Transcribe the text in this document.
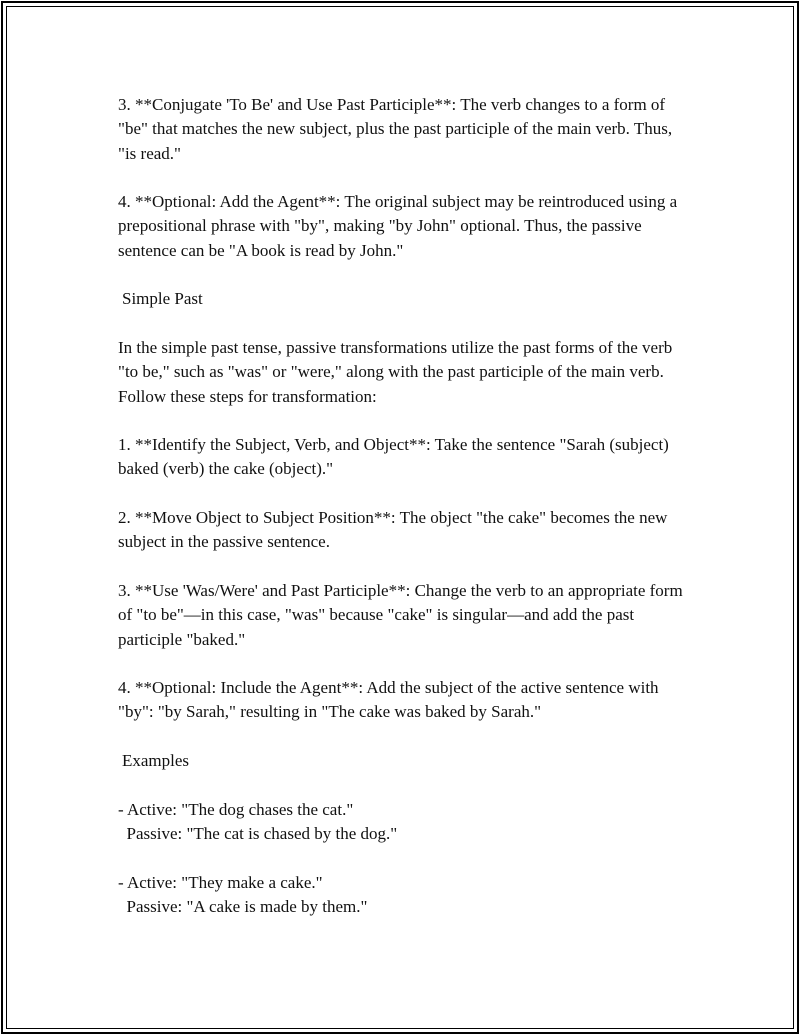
3. **Conjugate 'To Be' and Use Past Participle**: The verb changes to a form of "be" that matches the new subject, plus the past participle of the main verb. Thus, "is read."

4. **Optional: Add the Agent**: The original subject may be reintroduced using a prepositional phrase with "by", making "by John" optional. Thus, the passive sentence can be "A book is read by John."

Simple Past

In the simple past tense, passive transformations utilize the past forms of the verb "to be," such as "was" or "were," along with the past participle of the main verb. Follow these steps for transformation:

1. **Identify the Subject, Verb, and Object**: Take the sentence "Sarah (subject) baked (verb) the cake (object)."

2. **Move Object to Subject Position**: The object "the cake" becomes the new subject in the passive sentence.

3. **Use 'Was/Were' and Past Participle**: Change the verb to an appropriate form of "to be"—in this case, "was" because "cake" is singular—and add the past participle "baked."

4. **Optional: Include the Agent**: Add the subject of the active sentence with "by": "by Sarah," resulting in "The cake was baked by Sarah."

Examples

- Active: "The dog chases the cat."
Passive: "The cat is chased by the dog."

- Active: "They make a cake."
Passive: "A cake is made by them."
